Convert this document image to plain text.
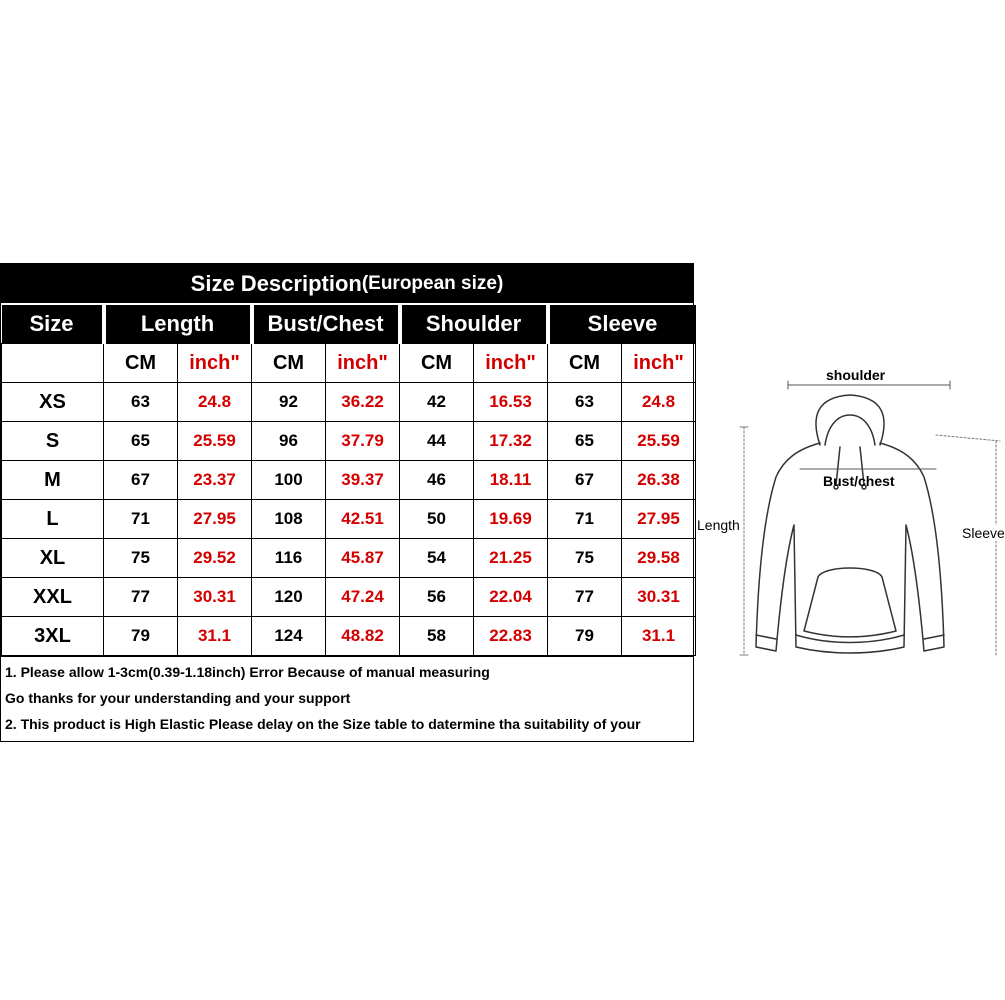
Size Description (European size)
Size	Length		Bust/Chest		Shoulder		Sleeve	
	CM	inch"	CM	inch"	CM	inch"	CM	inch"
XS	63	24.8	92	36.22	42	16.53	63	24.8
S	65	25.59	96	37.79	44	17.32	65	25.59
M	67	23.37	100	39.37	46	18.11	67	26.38
L	71	27.95	108	42.51	50	19.69	71	27.95
XL	75	29.52	116	45.87	54	21.25	75	29.58
XXL	77	30.31	120	47.24	56	22.04	77	30.31
3XL	79	31.1	124	48.82	58	22.83	79	31.1
1. Please allow 1-3cm(0.39-1.18inch) Error Because of manual measuring
Go thanks for your understanding and your support
2. This product is High Elastic Please delay on the Size table to datermine tha suitability of your
shoulder
Bust/chest
Length	Sleeve
